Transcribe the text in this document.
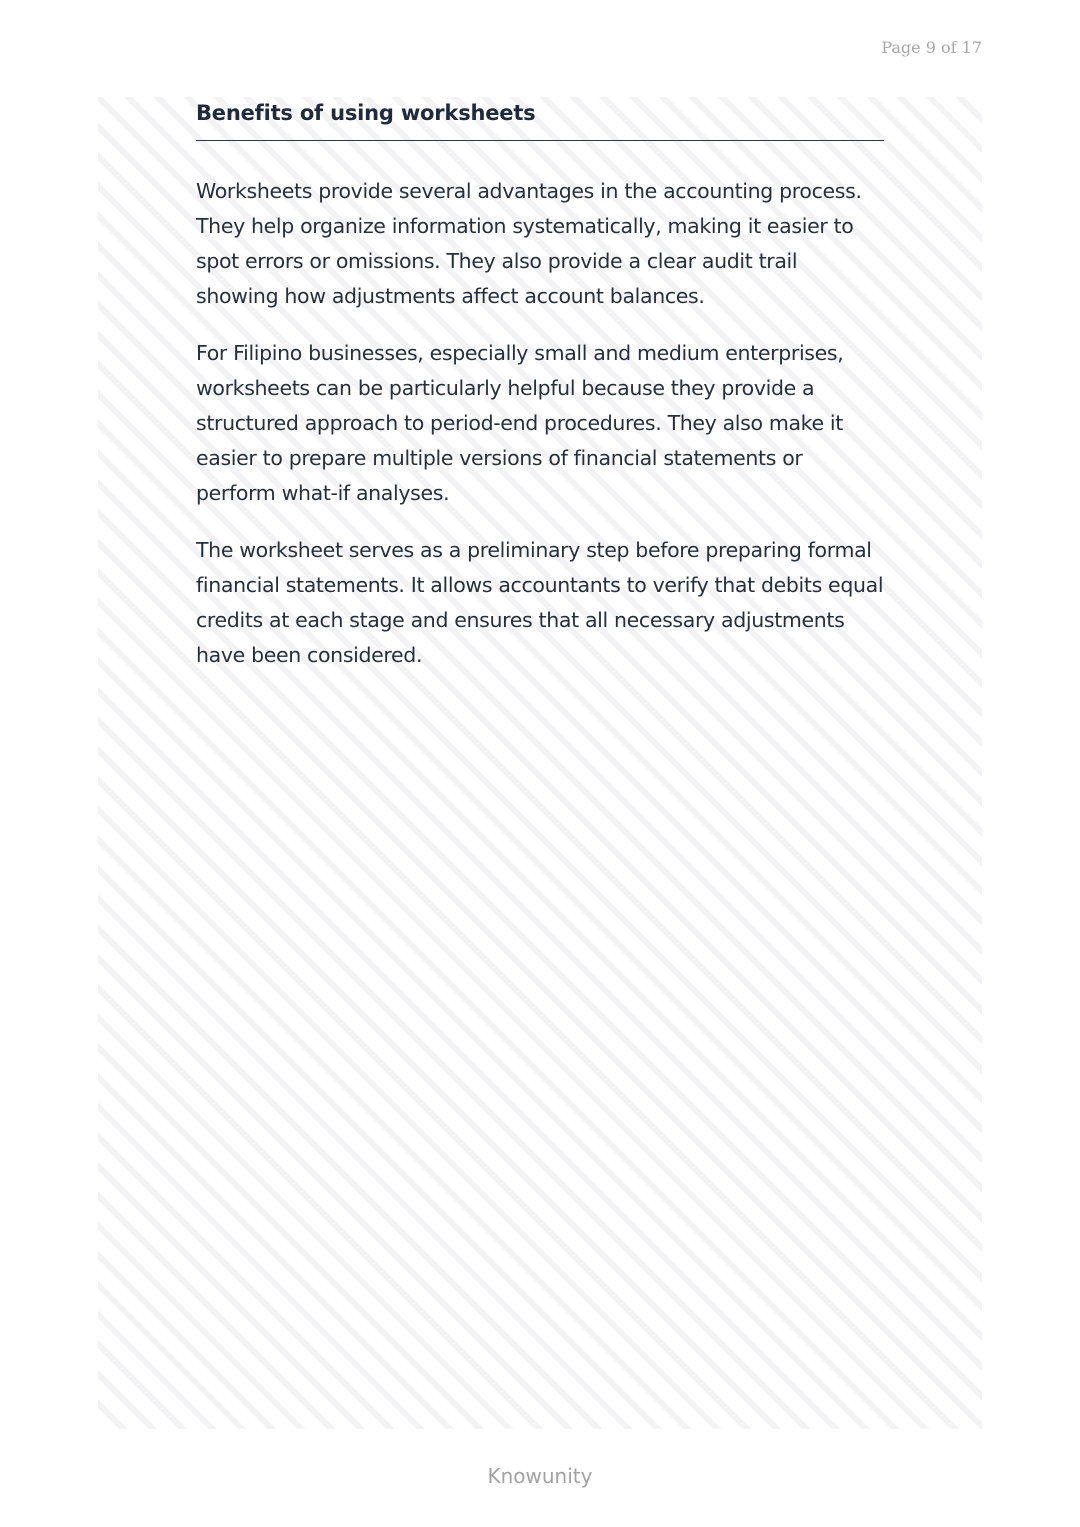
Page 9 of 17
Benefits of using worksheets

Worksheets provide several advantages in the accounting process. They help organize information systematically, making it easier to spot errors or omissions. They also provide a clear audit trail showing how adjustments affect account balances.

For Filipino businesses, especially small and medium enterprises, worksheets can be particularly helpful because they provide a structured approach to period-end procedures. They also make it easier to prepare multiple versions of financial statements or perform what-if analyses.

The worksheet serves as a preliminary step before preparing formal financial statements. It allows accountants to verify that debits equal credits at each stage and ensures that all necessary adjustments have been considered.

Knowunity
